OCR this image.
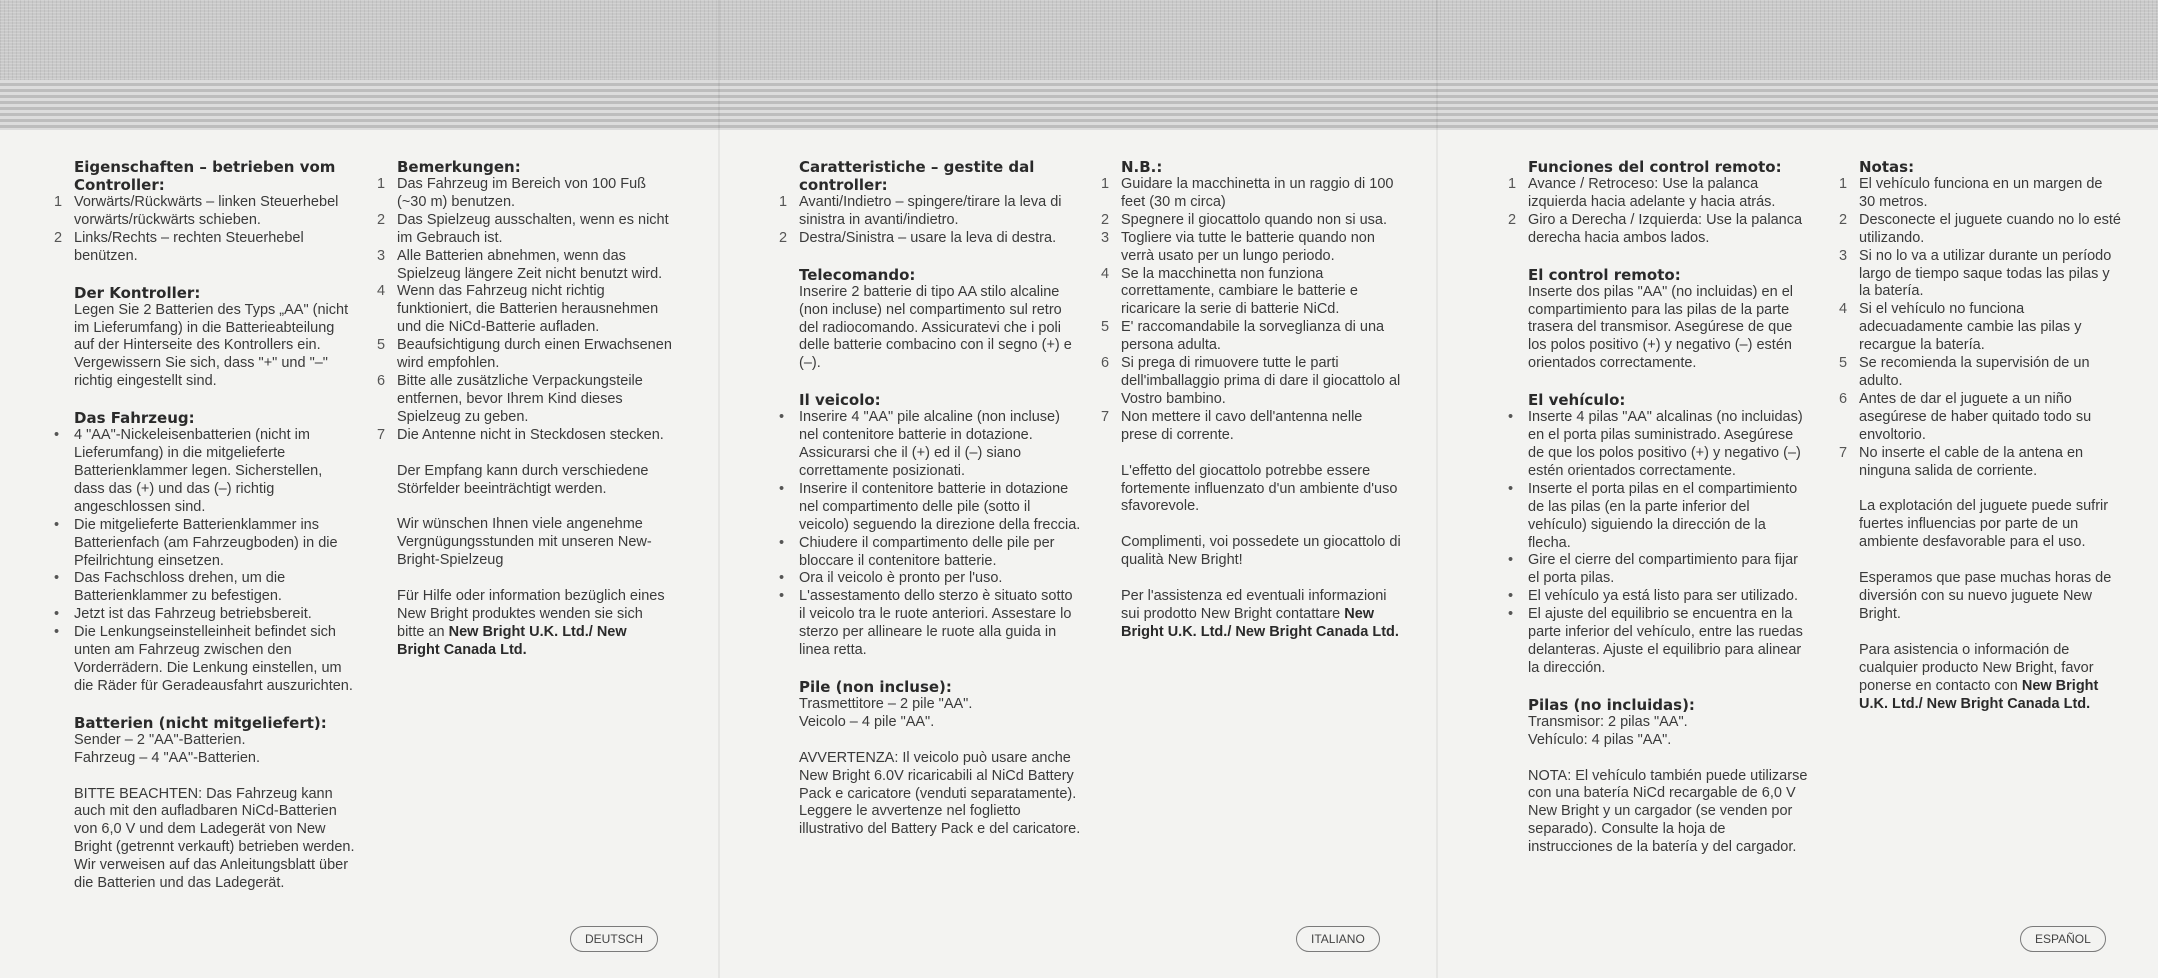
Eigenschaften – betrieben vom Controller:
Vorwärts/Rückwärts – linken Steuerhebel vorwärts/rückwärts schieben.
Links/Rechts – rechten Steuerhebel benützen.
Der Kontroller:

Legen Sie 2 Batterien des Typs „AA" (nicht im Lieferumfang) in die Batterieabteilung auf der Hinterseite des Kontrollers ein. Vergewissern Sie sich, dass "+" und "–" richtig eingestellt sind.

Das Fahrzeug:
• 4 "AA"-Nickeleisenbatterien (nicht im Lieferumfang) in die mitgelieferte Batterienklammer legen. Sicherstellen, dass das (+) und das (–) richtig angeschlossen sind.
• Die mitgelieferte Batterienklammer ins Batterienfach (am Fahrzeugboden) in die Pfeilrichtung einsetzen.
• Das Fachschloss drehen, um die Batterienklammer zu befestigen.
• Jetzt ist das Fahrzeug betriebsbereit.
• Die Lenkungseinstelleinheit befindet sich unten am Fahrzeug zwischen den Vorderrädern. Die Lenkung einstellen, um die Räder für Geradeausfahrt auszurichten.
Batterien (nicht mitgeliefert):

Sender – 2 "AA"-Batterien.

Fahrzeug – 4 "AA"-Batterien.

BITTE BEACHTEN: Das Fahrzeug kann auch mit den aufladbaren NiCd-Batterien von 6,0 V und dem Ladegerät von New Bright (getrennt verkauft) betrieben werden. Wir verweisen auf das Anleitungsblatt über die Batterien und das Ladegerät.

Bemerkungen:
Das Fahrzeug im Bereich von 100 Fuß (~30 m) benutzen.
Das Spielzeug ausschalten, wenn es nicht im Gebrauch ist.
Alle Batterien abnehmen, wenn das Spielzeug längere Zeit nicht benutzt wird.
Wenn das Fahrzeug nicht richtig funktioniert, die Batterien herausnehmen und die NiCd-Batterie aufladen.
Beaufsichtigung durch einen Erwachsenen wird empfohlen.
Bitte alle zusätzliche Verpackungsteile entfernen, bevor Ihrem Kind dieses Spielzeug zu geben.
Die Antenne nicht in Steckdosen stecken.

Der Empfang kann durch verschiedene Störfelder beeinträchtigt werden.

Wir wünschen Ihnen viele angenehme Vergnügungsstunden mit unseren New-Bright-Spielzeug

Für Hilfe oder information bezüglich eines New Bright produktes wenden sie sich bitte an New Bright U.K. Ltd./ New Bright Canada Ltd.

DEUTSCH
Caratteristiche – gestite dal controller:
Avanti/Indietro – spingere/tirare la leva di sinistra in avanti/indietro.
Destra/Sinistra – usare la leva di destra.
Telecomando:

Inserire 2 batterie di tipo AA stilo alcaline (non incluse) nel compartimento sul retro del radiocomando. Assicuratevi che i poli delle batterie combacino con il segno (+) e (–).

Il veicolo:
• Inserire 4 "AA" pile alcaline (non incluse) nel contenitore batterie in dotazione. Assicurarsi che il (+) ed il (–) siano correttamente posizionati.
• Inserire il contenitore batterie in dotazione nel compartimento delle pile (sotto il veicolo) seguendo la direzione della freccia.
• Chiudere il compartimento delle pile per bloccare il contenitore batterie.
• Ora il veicolo è pronto per l'uso.
• L'assestamento dello sterzo è situato sotto il veicolo tra le ruote anteriori. Assestare lo sterzo per allineare le ruote alla guida in linea retta.
Pile (non incluse):

Trasmettitore – 2 pile "AA".

Veicolo – 4 pile "AA".

AVVERTENZA: Il veicolo può usare anche New Bright 6.0V ricaricabili al NiCd Battery Pack e caricatore (venduti separatamente). Leggere le avvertenze nel foglietto illustrativo del Battery Pack e del caricatore.

N.B.:
Guidare la macchinetta in un raggio di 100 feet (30 m circa)
Spegnere il giocattolo quando non si usa.
Togliere via tutte le batterie quando non verrà usato per un lungo periodo.
Se la macchinetta non funziona correttamente, cambiare le batterie e ricaricare la serie di batterie NiCd.
E' raccomandabile la sorveglianza di una persona adulta.
Si prega di rimuovere tutte le parti dell'imballaggio prima di dare il giocattolo al Vostro bambino.
Non mettere il cavo dell'antenna nelle prese di corrente.

L'effetto del giocattolo potrebbe essere fortemente influenzato d'un ambiente d'uso sfavorevole.

Complimenti, voi possedete un giocattolo di qualità New Bright!

Per l'assistenza ed eventuali informazioni sui prodotto New Bright contattare New Bright U.K. Ltd./ New Bright Canada Ltd.

ITALIANO
Funciones del control remoto:
Avance / Retroceso: Use la palanca izquierda hacia adelante y hacia atrás.
Giro a Derecha / Izquierda: Use la palanca derecha hacia ambos lados.
El control remoto:

Inserte dos pilas "AA" (no incluidas) en el compartimiento para las pilas de la parte trasera del transmisor. Asegúrese de que los polos positivo (+) y negativo (–) estén orientados correctamente.

El vehículo:
• Inserte 4 pilas "AA" alcalinas (no incluidas) en el porta pilas suministrado. Asegúrese de que los polos positivo (+) y negativo (–) estén orientados correctamente.
• Inserte el porta pilas en el compartimiento de las pilas (en la parte inferior del vehículo) siguiendo la dirección de la flecha.
• Gire el cierre del compartimiento para fijar el porta pilas.
• El vehículo ya está listo para ser utilizado.
• El ajuste del equilibrio se encuentra en la parte inferior del vehículo, entre las ruedas delanteras. Ajuste el equilibrio para alinear la dirección.
Pilas (no incluidas):

Transmisor: 2 pilas "AA".

Vehículo: 4 pilas "AA".

NOTA: El vehículo también puede utilizarse con una batería NiCd recargable de 6,0 V New Bright y un cargador (se venden por separado). Consulte la hoja de instrucciones de la batería y del cargador.

Notas:
El vehículo funciona en un margen de 30 metros.
Desconecte el juguete cuando no lo esté utilizando.
Si no lo va a utilizar durante un período largo de tiempo saque todas las pilas y la batería.
Si el vehículo no funciona adecuadamente cambie las pilas y recargue la batería.
Se recomienda la supervisión de un adulto.
Antes de dar el juguete a un niño asegúrese de haber quitado todo su envoltorio.
No inserte el cable de la antena en ninguna salida de corriente.

La explotación del juguete puede sufrir fuertes influencias por parte de un ambiente desfavorable para el uso.

Esperamos que pase muchas horas de diversión con su nuevo juguete New Bright.

Para asistencia o información de cualquier producto New Bright, favor ponerse en contacto con New Bright U.K. Ltd./ New Bright Canada Ltd.

ESPAÑOL
